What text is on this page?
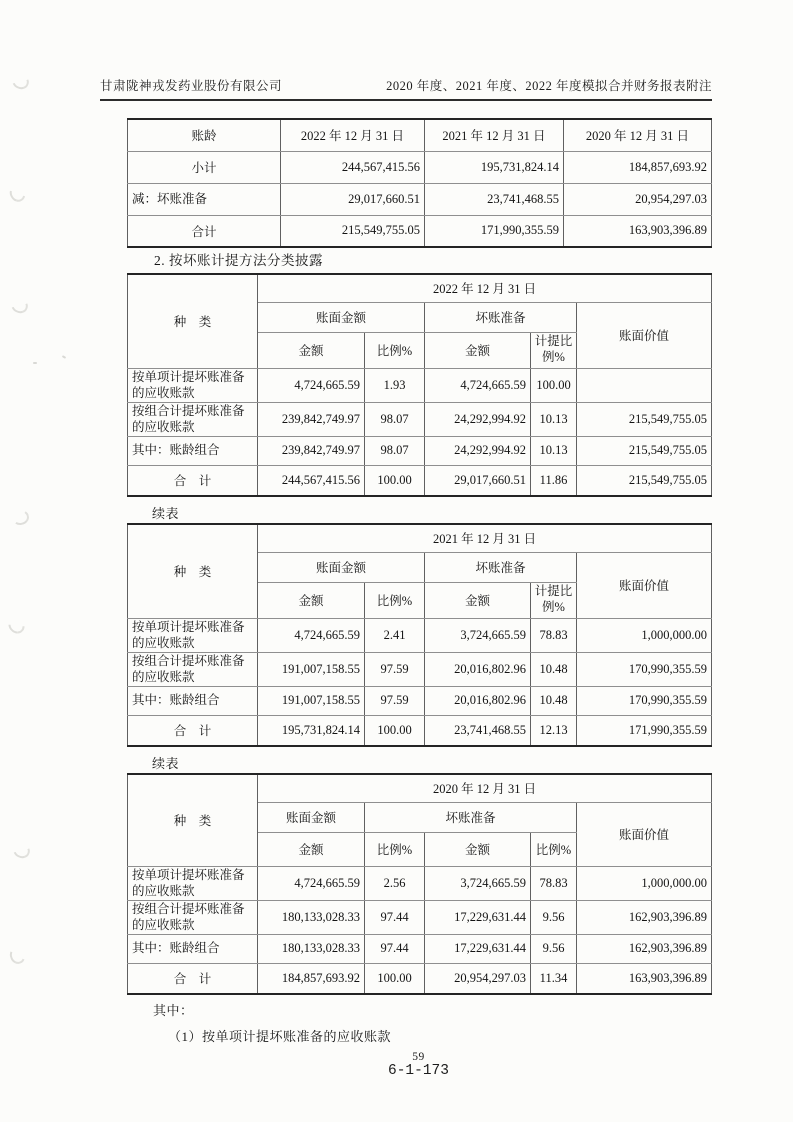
甘肃陇神戎发药业股份有限公司	2020 年度、2021 年度、2022 年度模拟合并财务报表附注
账龄	2022 年 12 月 31 日	2021 年 12 月 31 日	2020 年 12 月 31 日
小计	244,567,415.56	195,731,824.14	184,857,693.92
减：坏账准备	29,017,660.51	23,741,468.55	20,954,297.03
合计	215,549,755.05	171,990,355.59	163,903,396.89
2. 按坏账计提方法分类披露
种　类	2022 年 12 月 31 日				
	账面金额		坏账准备		账面价值
	金额	比例%	金额	计提比例%	
按单项计提坏账准备的应收账款	4,724,665.59	1.93	4,724,665.59	100.00	
按组合计提坏账准备的应收账款	239,842,749.97	98.07	24,292,994.92	10.13	215,549,755.05
其中：账龄组合	239,842,749.97	98.07	24,292,994.92	10.13	215,549,755.05
合　计	244,567,415.56	100.00	29,017,660.51	11.86	215,549,755.05
续表
种　类	2021 年 12 月 31 日				
	账面金额		坏账准备		账面价值
	金额	比例%	金额	计提比例%	
按单项计提坏账准备的应收账款	4,724,665.59	2.41	3,724,665.59	78.83	1,000,000.00
按组合计提坏账准备的应收账款	191,007,158.55	97.59	20,016,802.96	10.48	170,990,355.59
其中：账龄组合	191,007,158.55	97.59	20,016,802.96	10.48	170,990,355.59
合　计	195,731,824.14	100.00	23,741,468.55	12.13	171,990,355.59
续表
种　类	2020 年 12 月 31 日				
	账面金额	坏账准备			账面价值
	金额	比例%	金额	比例%	
按单项计提坏账准备的应收账款	4,724,665.59	2.56	3,724,665.59	78.83	1,000,000.00
按组合计提坏账准备的应收账款	180,133,028.33	97.44	17,229,631.44	9.56	162,903,396.89
其中：账龄组合	180,133,028.33	97.44	17,229,631.44	9.56	162,903,396.89
合　计	184,857,693.92	100.00	20,954,297.03	11.34	163,903,396.89
其中：
（1）按单项计提坏账准备的应收账款
59
6-1-173
